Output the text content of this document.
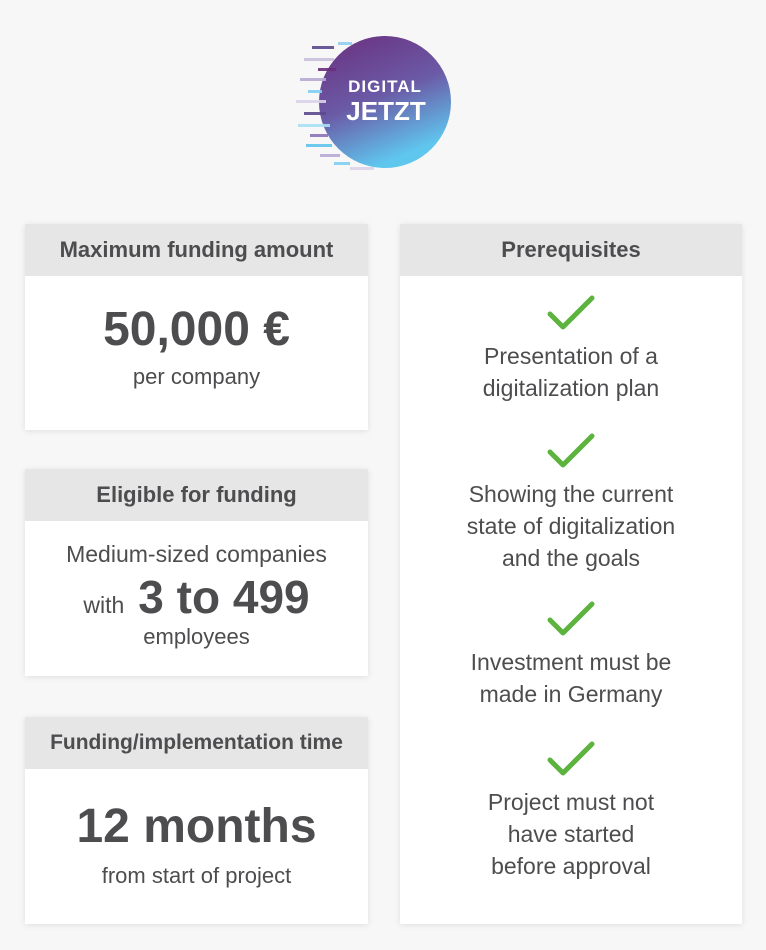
DIGITAL
JETZT
Maximum funding amount
50,000 €
per company
Eligible for funding
Medium-sized companies
with 3 to 499
employees
Funding/implementation time
12 months
from start of project
Prerequisites
Presentation of a
digitalization plan
Showing the current
state of digitalization
and the goals
Investment must be
made in Germany
Project must not
have started
before approval
